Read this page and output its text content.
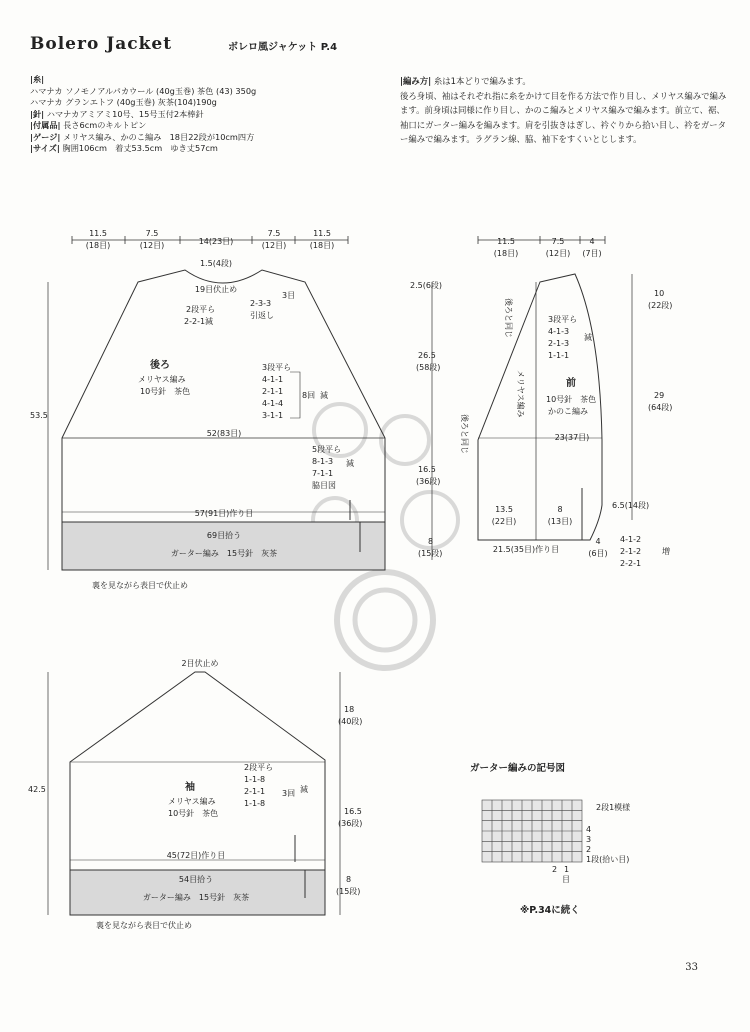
Bolero Jacket	ボレロ風ジャケット P.4
|糸|
ハマナカ ソノモノアルパカウール (40g玉巻) 茶色 (43) 350g
ハマナカ グランエトフ (40g玉巻) 灰茶(104)190g
|針| ハマナカアミアミ10号、15号玉付2本棒針
|付属品| 長さ6cmのキルトピン
|ゲージ| メリヤス編み、かのこ編み　18目22段が10cm四方
|サイズ| 胸囲106cm　着丈53.5cm　ゆき丈57cm
|編み方| 糸は1本どりで編みます。
後ろ身頃、袖はそれぞれ指に糸をかけて目を作る方法で作り目し、メリヤス編みで編みます。前身頃は同様に作り目し、かのこ編みとメリヤス編みで編みます。前立て、裾、袖口にガーター編みを編みます。肩を引抜きはぎし、衿ぐりから拾い目し、衿をガーター編みで編みます。ラグラン線、脇、袖下をすくいとじします。
11.5
(18目)
7.5
(12目)	14(23目)
7.5
(12目)
11.5
(18目)
1.5(4段)
19目伏止め
2段平ら
2-2-1減
2-3-3
引返し
3目
後ろ
メリヤス編み
10号針　茶色
3段平ら
4-1-1
2-1-1
4-1-4
3-1-1
8回 減
52(83目)
5段平ら
8-1-3
7-1-1
脇目図
減
57(91目)作り目
69目拾う
ガーター編み　15号針　灰茶
53.5
裏を見ながら表目で伏止め
11.5
(18目)
7.5
(12目)
4
(7目)
2.5(6段)
26.5
(58段)
後ろと同じ
メリヤス編み
3段平ら
4-1-3
2-1-3
1-1-1
減
前
10号針　茶色
かのこ編み
23(37目)
後ろと同じ
16.5
(36段)
10
(22段)
29
(64段)
6.5(14段)
13.5
(22目)
8
(13目)
8
(15段)	21.5(35目)作り目
4
(6目)
4-1-2
2-1-2
2-2-1
増
2目伏止め
42.5
18
(40段)
袖
メリヤス編み
10号針　茶色
2段平ら
1-1-8
2-1-1
1-1-8
3回 減
16.5
(36段)
45(72目)作り目
54目拾う
ガーター編み　15号針　灰茶
8
(15段)
裏を見ながら表目で伏止め
2段1模様
4
3
2
1段(拾い目)
2 1
目
ガーター編みの記号図
※P.34に続く
33
